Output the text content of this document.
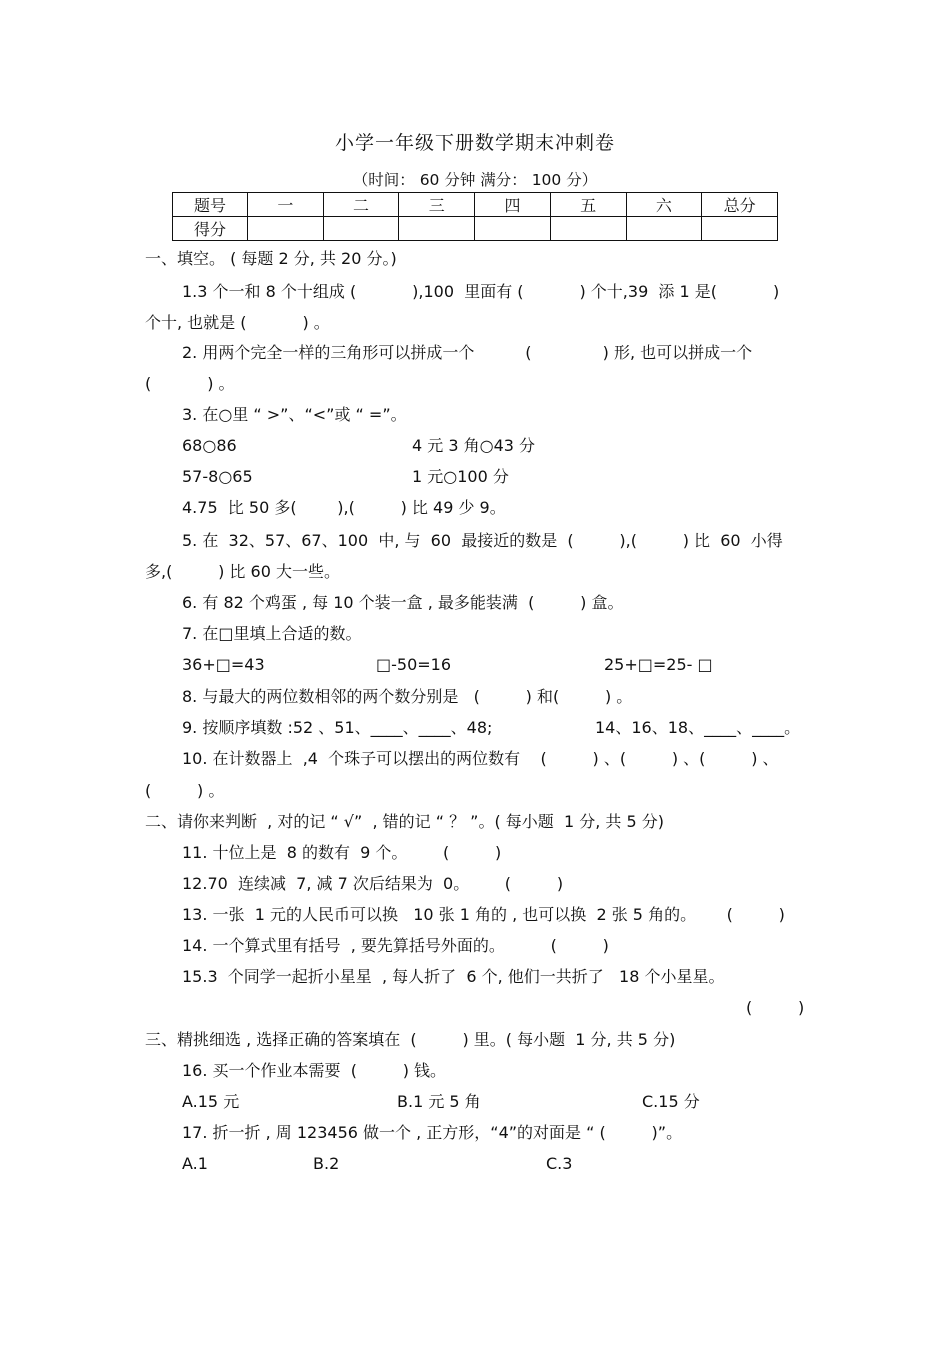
小学一年级下册数学期末冲刺卷
（时间： 60 分钟 满分： 100 分）
题号	一	二	三	四	五	六	总分
得分							
一、填空。 ( 每题 2 分, 共 20 分。)
1.3 个一和 8 个十组成 (           ),100  里面有 (           ) 个十,39  添 1 是(           )
个十, 也就是 (           ) 。
2. 用两个完全一样的三角形可以拼成一个          (              ) 形, 也可以拼成一个
(           ) 。
3. 在○里 “ >”、“<”或 “ =”。
68○86	4 元 3 角○43 分
57-8○65	1 元○100 分
4.75  比 50 多(        ),(         ) 比 49 少 9。
5. 在  32、57、67、100  中, 与  60  最接近的数是  (         ),(         ) 比  60  小得
多,(         ) 比 60 大一些。
6. 有 82 个鸡蛋 , 每 10 个装一盒 , 最多能装满  (         ) 盒。
7. 在□里填上合适的数。
36+□=43	□-50=16	25+□=25- □
8. 与最大的两位数相邻的两个数分别是   (         ) 和(         ) 。
9. 按顺序填数 :52 、51、____、____、48;	14、16、18、____、____。
10. 在计数器上  ,4  个珠子可以摆出的两位数有    (         ) 、(         ) 、(         ) 、
(         ) 。
二、请你来判断  , 对的记 “ √”  , 错的记 “ ？ ”。( 每小题  1 分, 共 5 分)
11. 十位上是  8 的数有  9 个。       (         )
12.70  连续减  7, 减 7 次后结果为  0。       (         )
13. 一张  1 元的人民币可以换   10 张 1 角的 , 也可以换  2 张 5 角的。      (         )
14. 一个算式里有括号  , 要先算括号外面的。         (         )
15.3  个同学一起折小星星  , 每人折了  6 个, 他们一共折了   18 个小星星。
(         )
三、精挑细选 , 选择正确的答案填在  (         ) 里。( 每小题  1 分, 共 5 分)
16. 买一个作业本需要  (         ) 钱。
A.15 元	B.1 元 5 角	C.15 分
17. 折一折 , 周 123456 做一个 , 正方形，“4”的对面是 “ (         )”。
A.1	B.2	C.3
